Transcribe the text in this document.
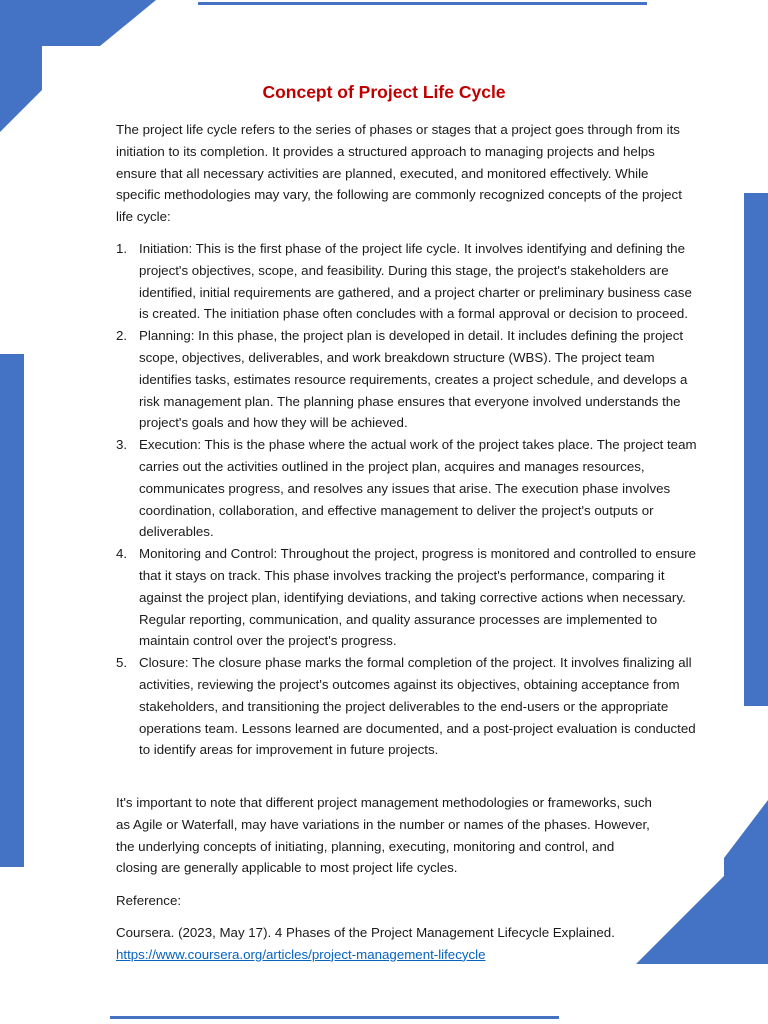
Concept of Project Life Cycle

The project life cycle refers to the series of phases or stages that a project goes through from its initiation to its completion. It provides a structured approach to managing projects and helps ensure that all necessary activities are planned, executed, and monitored effectively. While specific methodologies may vary, the following are commonly recognized concepts of the project life cycle:

1. Initiation: This is the first phase of the project life cycle. It involves identifying and defining the project's objectives, scope, and feasibility. During this stage, the project's stakeholders are identified, initial requirements are gathered, and a project charter or preliminary business case is created. The initiation phase often concludes with a formal approval or decision to proceed.
2. Planning: In this phase, the project plan is developed in detail. It includes defining the project scope, objectives, deliverables, and work breakdown structure (WBS). The project team identifies tasks, estimates resource requirements, creates a project schedule, and develops a risk management plan. The planning phase ensures that everyone involved understands the project's goals and how they will be achieved.
3. Execution: This is the phase where the actual work of the project takes place. The project team carries out the activities outlined in the project plan, acquires and manages resources, communicates progress, and resolves any issues that arise. The execution phase involves coordination, collaboration, and effective management to deliver the project's outputs or deliverables.
4. Monitoring and Control: Throughout the project, progress is monitored and controlled to ensure that it stays on track. This phase involves tracking the project's performance, comparing it against the project plan, identifying deviations, and taking corrective actions when necessary. Regular reporting, communication, and quality assurance processes are implemented to maintain control over the project's progress.
5. Closure: The closure phase marks the formal completion of the project. It involves finalizing all activities, reviewing the project's outcomes against its objectives, obtaining acceptance from stakeholders, and transitioning the project deliverables to the end-users or the appropriate operations team. Lessons learned are documented, and a post-project evaluation is conducted to identify areas for improvement in future projects.

It's important to note that different project management methodologies or frameworks, such as Agile or Waterfall, may have variations in the number or names of the phases. However, the underlying concepts of initiating, planning, executing, monitoring and control, and closing are generally applicable to most project life cycles.

Reference:

Coursera. (2023, May 17). 4 Phases of the Project Management Lifecycle Explained.
https://www.coursera.org/articles/project-management-lifecycle
